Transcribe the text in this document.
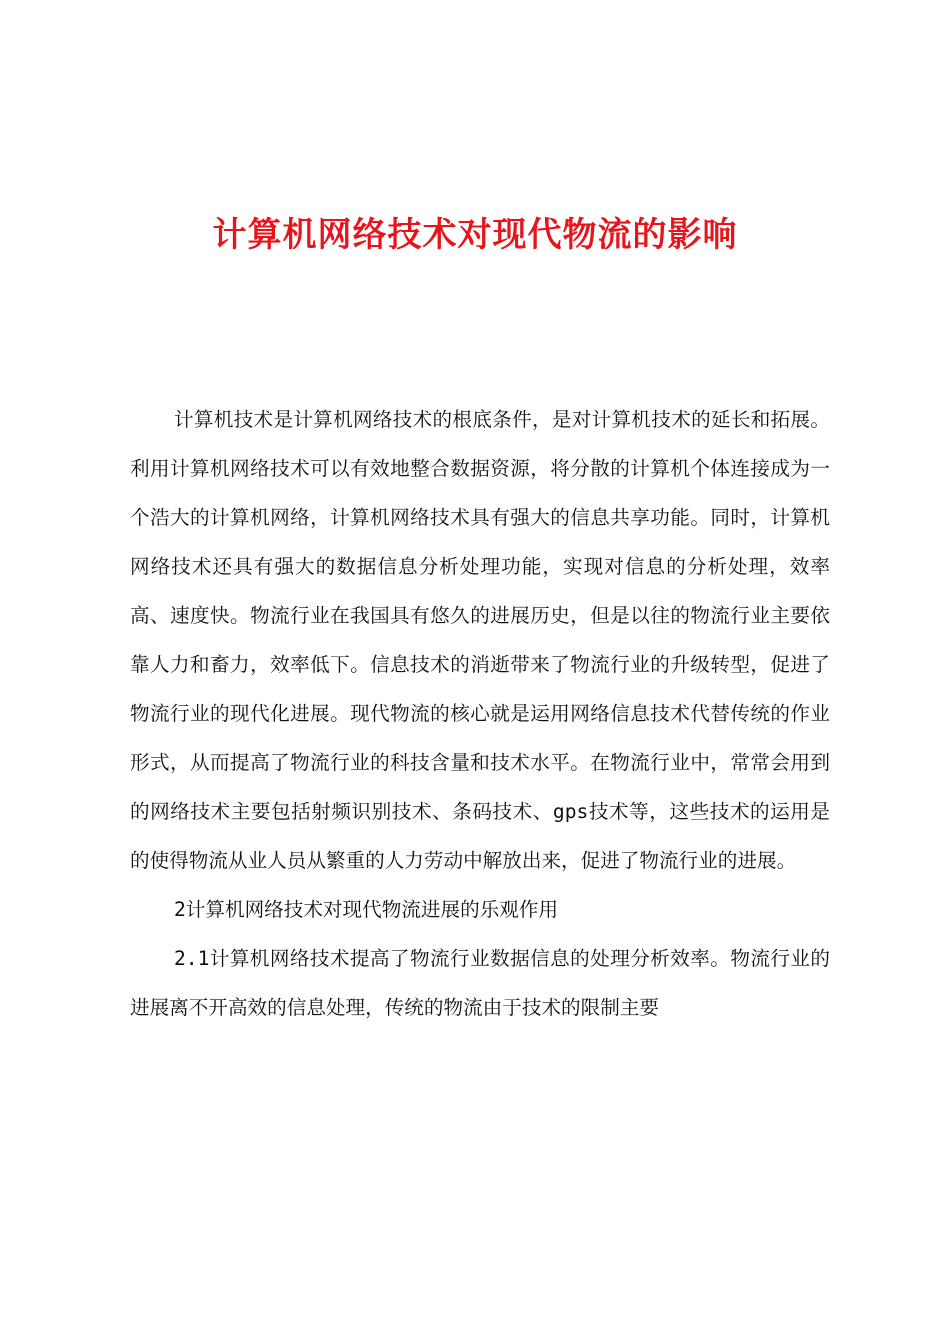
计算机网络技术对现代物流的影响

计算机技术是计算机网络技术的根底条件，是对计算机技术的延长和拓展。利用计算机网络技术可以有效地整合数据资源，将分散的计算机个体连接成为一个浩大的计算机网络，计算机网络技术具有强大的信息共享功能。同时，计算机网络技术还具有强大的数据信息分析处理功能，实现对信息的分析处理，效率高、速度快。物流行业在我国具有悠久的进展历史，但是以往的物流行业主要依靠人力和畜力，效率低下。信息技术的消逝带来了物流行业的升级转型，促进了物流行业的现代化进展。现代物流的核心就是运用网络信息技术代替传统的作业形式，从而提高了物流行业的科技含量和技术水平。在物流行业中，常常会用到的网络技术主要包括射频识别技术、条码技术、gps技术等，这些技术的运用是的使得物流从业人员从繁重的人力劳动中解放出来，促进了物流行业的进展。

2计算机网络技术对现代物流进展的乐观作用

2.1计算机网络技术提高了物流行业数据信息的处理分析效率。物流行业的进展离不开高效的信息处理，传统的物流由于技术的限制主要
